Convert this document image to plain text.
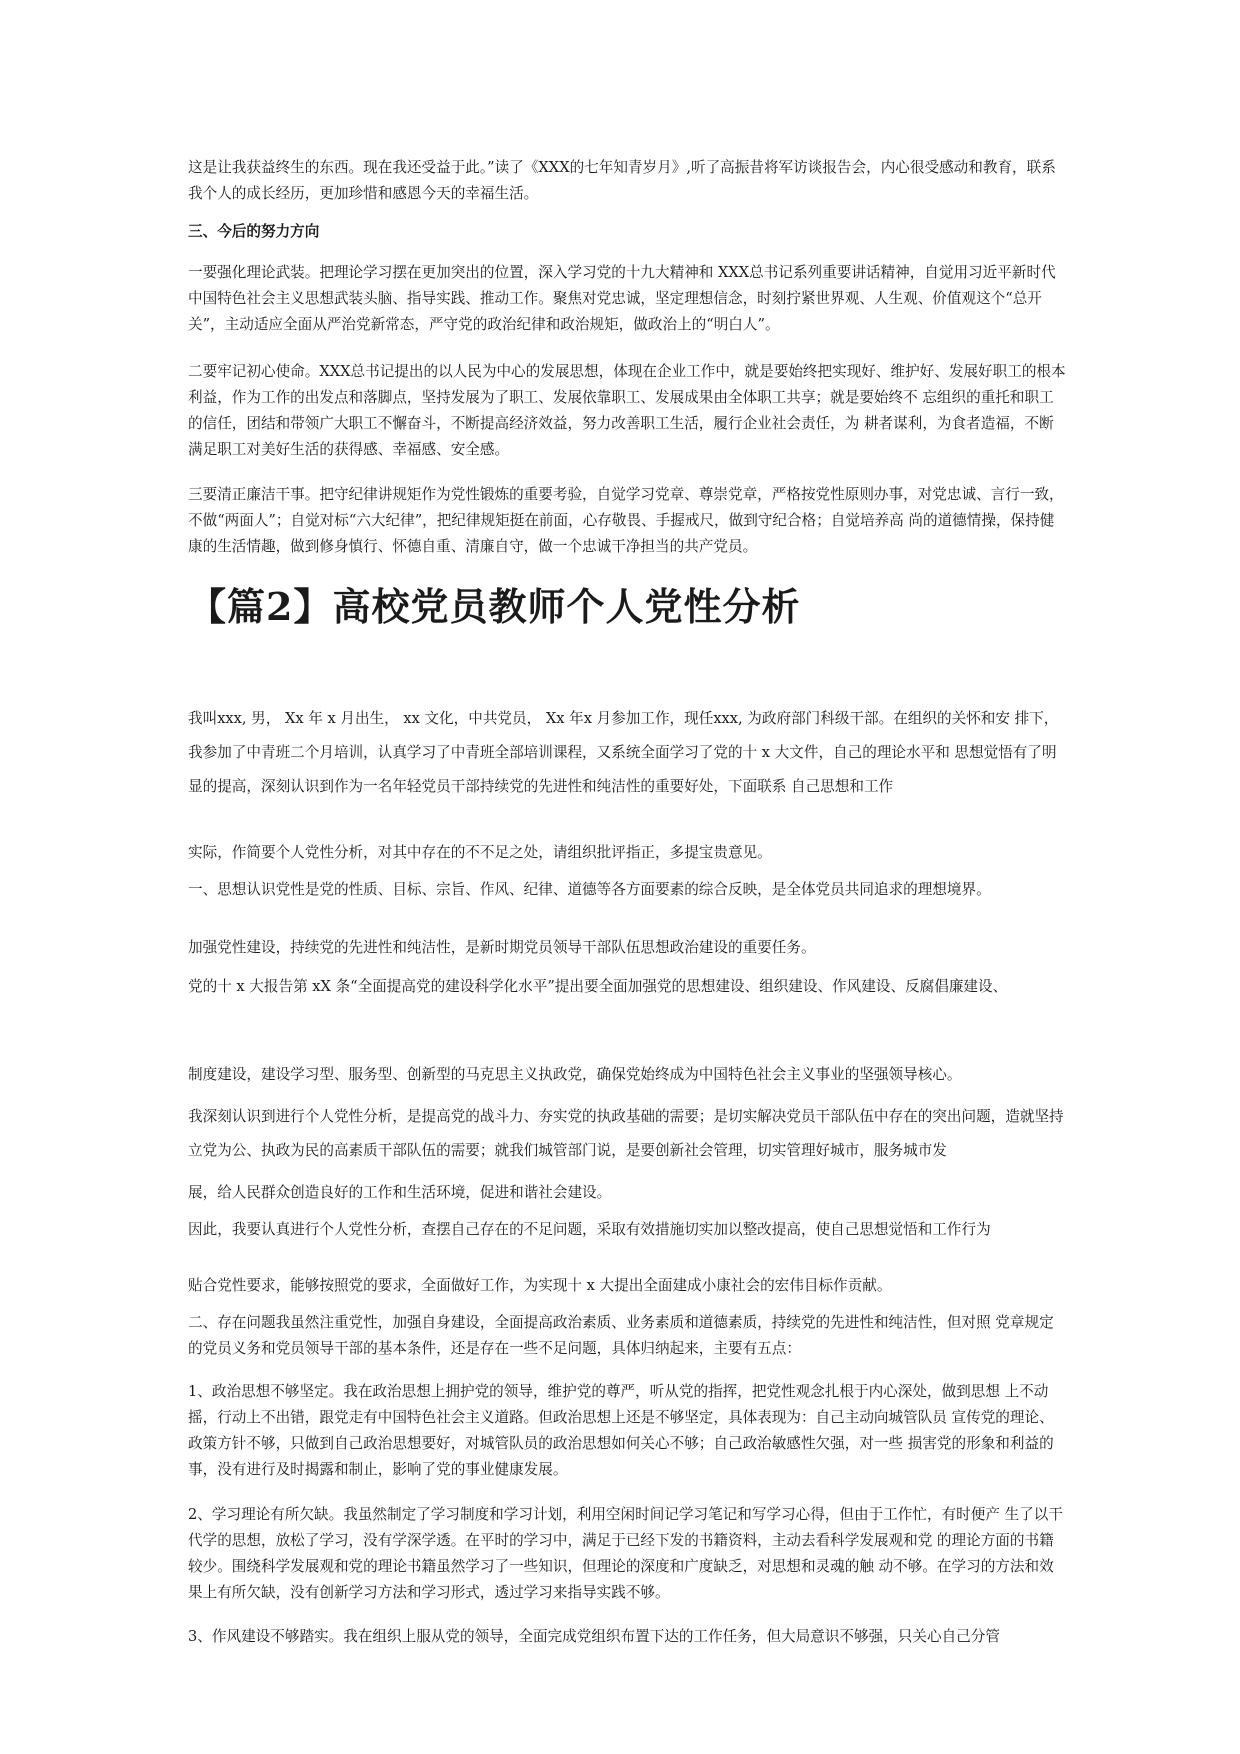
这是让我获益终生的东西。现在我还受益于此。”读了《XXX的七年知青岁月》,听了高振昔将军访谈报告会，内心很受感动和教育，联系我个人的成长经历，更加珍惜和感恩今天的幸福生活。

三、今后的努力方向

一要强化理论武装。把理论学习摆在更加突出的位置，深入学习党的十九大精神和 XXX总书记系列重要讲话精神，自觉用习近平新时代中国特色社会主义思想武装头脑、指导实践、推动工作。聚焦对党忠诚，坚定理想信念，时刻拧紧世界观、人生观、价值观这个“总开关”，主动适应全面从严治党新常态，严守党的政治纪律和政治规矩，做政治上的“明白人”。

二要牢记初心使命。XXX总书记提出的以人民为中心的发展思想，体现在企业工作中，就是要始终把实现好、维护好、发展好职工的根本利益，作为工作的出发点和落脚点，坚持发展为了职工、发展依靠职工、发展成果由全体职工共享；就是要始终不 忘组织的重托和职工的信任，团结和带领广大职工不懈奋斗，不断提高经济效益，努力改善职工生活，履行企业社会责任，为 耕者谋利，为食者造福，不断满足职工对美好生活的获得感、幸福感、安全感。

三要清正廉洁干事。把守纪律讲规矩作为党性锻炼的重要考验，自觉学习党章、尊崇党章，严格按党性原则办事，对党忠诚、言行一致，不做“两面人”；自觉对标“六大纪律”，把纪律规矩挺在前面，心存敬畏、手握戒尺，做到守纪合格；自觉培养高 尚的道德情操，保持健康的生活情趣，做到修身慎行、怀德自重、清廉自守，做一个忠诚干净担当的共产党员。

【篇2】高校党员教师个人党性分析

我叫xxx, 男， Xx 年 x 月出生， xx 文化，中共党员， Xx 年x 月参加工作，现任xxx, 为政府部门科级干部。在组织的关怀和安 排下，我参加了中青班二个月培训，认真学习了中青班全部培训课程，又系统全面学习了党的十 x 大文件，自己的理论水平和 思想觉悟有了明显的提高，深刻认识到作为一名年轻党员干部持续党的先进性和纯洁性的重要好处，下面联系 自己思想和工作

实际，作简要个人党性分析，对其中存在的不不足之处，请组织批评指正，多提宝贵意见。

一、思想认识党性是党的性质、目标、宗旨、作风、纪律、道德等各方面要素的综合反映，是全体党员共同追求的理想境界。

加强党性建设，持续党的先进性和纯洁性，是新时期党员领导干部队伍思想政治建设的重要任务。

党的十 x 大报告第 xX 条“全面提高党的建设科学化水平”提出要全面加强党的思想建设、组织建设、作风建设、反腐倡廉建设、

制度建设，建设学习型、服务型、创新型的马克思主义执政党，确保党始终成为中国特色社会主义事业的坚强领导核心。

我深刻认识到进行个人党性分析，是提高党的战斗力、夯实党的执政基础的需要；是切实解决党员干部队伍中存在的突出问题，造就坚持立党为公、执政为民的高素质干部队伍的需要；就我们城管部门说，是要创新社会管理，切实管理好城市，服务城市发

展，给人民群众创造良好的工作和生活环境，促进和谐社会建设。

因此，我要认真进行个人党性分析，查摆自己存在的不足问题，采取有效措施切实加以整改提高，使自己思想觉悟和工作行为

贴合党性要求，能够按照党的要求，全面做好工作，为实现十 x 大提出全面建成小康社会的宏伟目标作贡献。

二、存在问题我虽然注重党性，加强自身建设，全面提高政治素质、业务素质和道德素质，持续党的先进性和纯洁性，但对照 党章规定的党员义务和党员领导干部的基本条件，还是存在一些不足问题，具体归纳起来，主要有五点：

1、政治思想不够坚定。我在政治思想上拥护党的领导，维护党的尊严，听从党的指挥，把党性观念扎根于内心深处，做到思想 上不动摇，行动上不出错，跟党走有中国特色社会主义道路。但政治思想上还是不够坚定，具体表现为：自己主动向城管队员 宣传党的理论、政策方针不够，只做到自己政治思想要好，对城管队员的政治思想如何关心不够；自己政治敏感性欠强，对一些 损害党的形象和利益的事，没有进行及时揭露和制止，影响了党的事业健康发展。

2、学习理论有所欠缺。我虽然制定了学习制度和学习计划，利用空闲时间记学习笔记和写学习心得，但由于工作忙，有时便产 生了以干代学的思想，放松了学习，没有学深学透。在平时的学习中，满足于已经下发的书籍资料，主动去看科学发展观和党 的理论方面的书籍较少。围绕科学发展观和党的理论书籍虽然学习了一些知识，但理论的深度和广度缺乏，对思想和灵魂的触 动不够。在学习的方法和效果上有所欠缺，没有创新学习方法和学习形式，透过学习来指导实践不够。

3、作风建设不够踏实。我在组织上服从党的领导，全面完成党组织布置下达的工作任务，但大局意识不够强，只关心自己分管
